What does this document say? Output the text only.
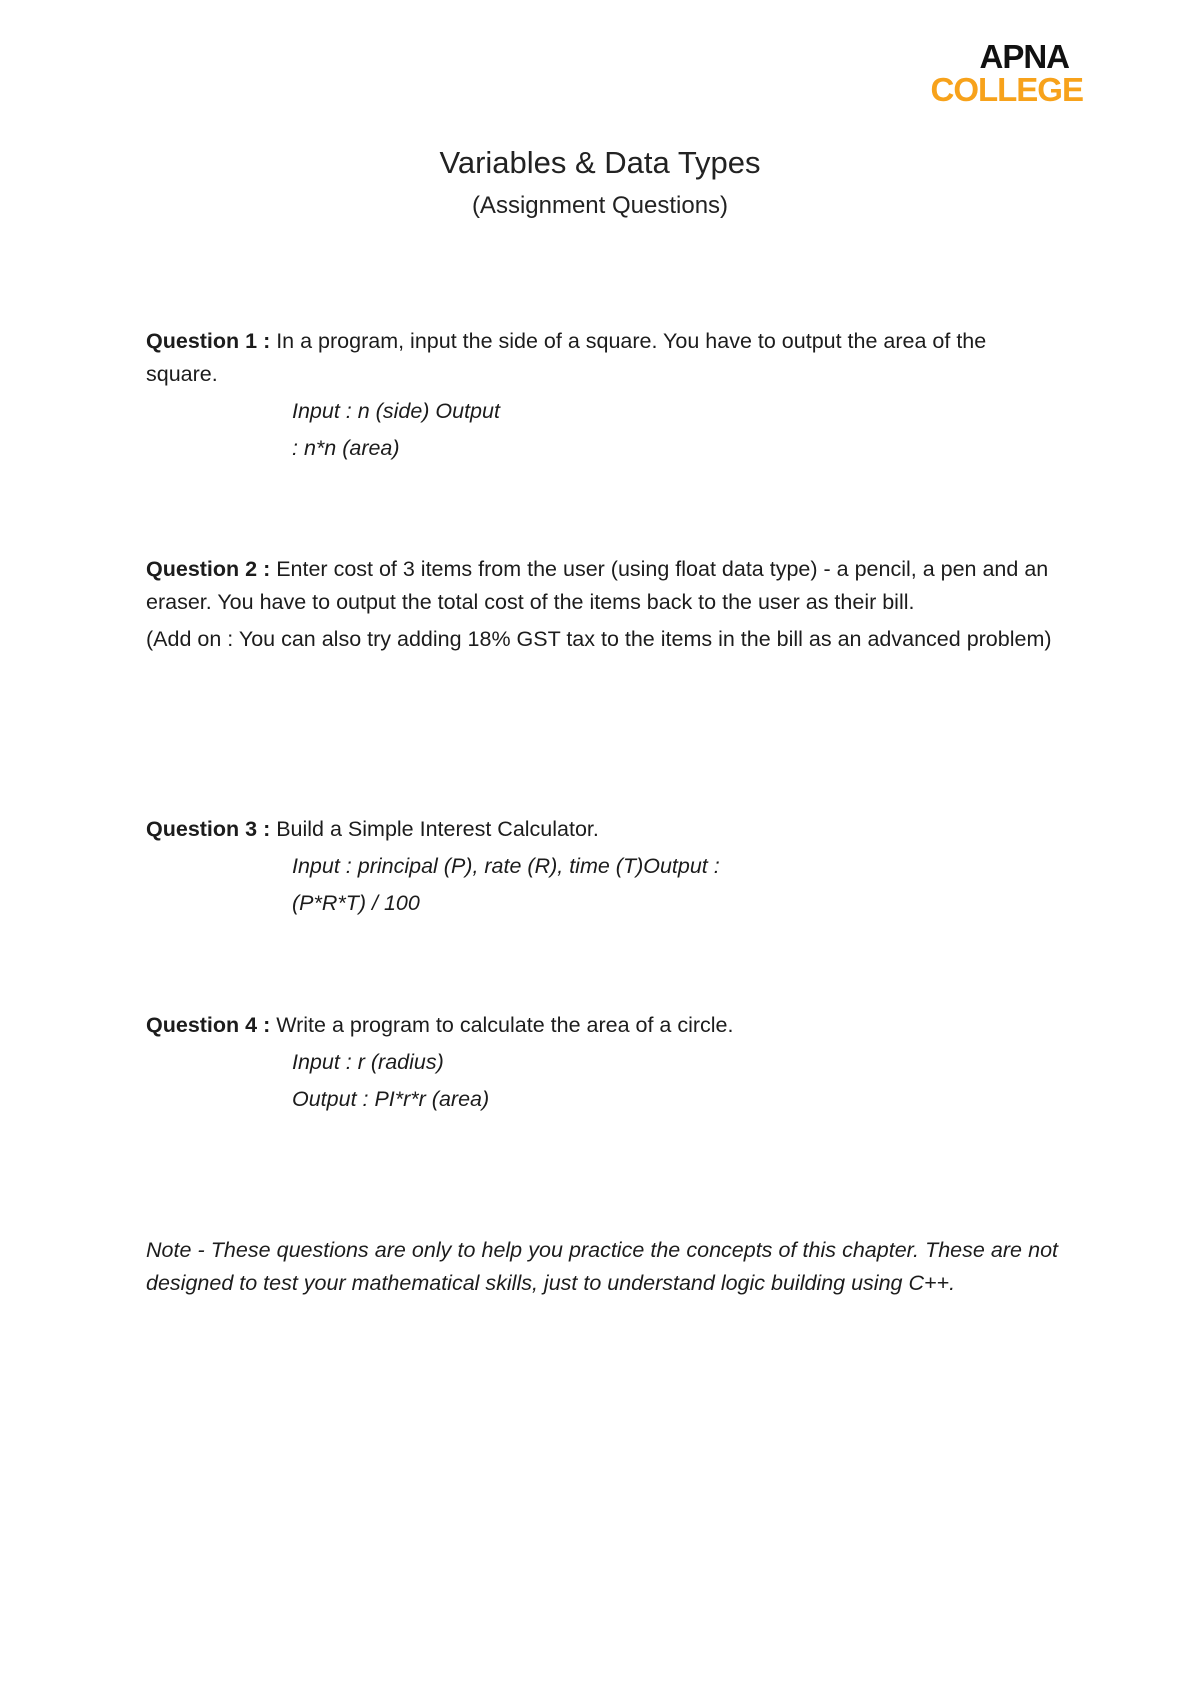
APNA
COLLEGE
Variables & Data Types
(Assignment Questions)
Question 1 : In a program, input the side of a square. You have to output the area of the square.
Input : n (side) Output
: n*n (area)
Question 2 : Enter cost of 3 items from the user (using float data type) - a pencil, a pen and an eraser. You have to output the total cost of the items back to the user as their bill.
(Add on : You can also try adding 18% GST tax to the items in the bill as an advanced problem)
Question 3 : Build a Simple Interest Calculator.
Input : principal (P), rate (R), time (T)Output :
(P*R*T) / 100
Question 4 : Write a program to calculate the area of a circle.
Input : r (radius)
Output : PI*r*r (area)
Note - These questions are only to help you practice the concepts of this chapter. These are not designed to test your mathematical skills, just to understand logic building using C++.
